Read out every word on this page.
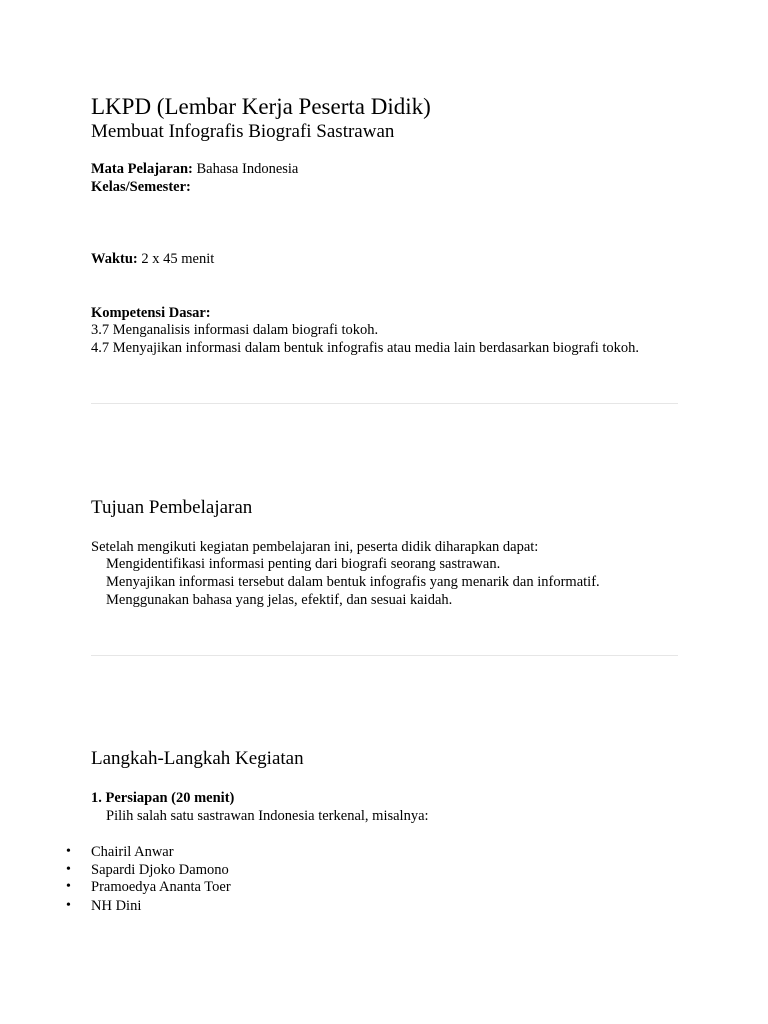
LKPD (Lembar Kerja Peserta Didik)
Membuat Infografis Biografi Sastrawan
Mata Pelajaran: Bahasa Indonesia
Kelas/Semester:
Waktu: 2 x 45 menit
Kompetensi Dasar:
3.7 Menganalisis informasi dalam biografi tokoh.
4.7 Menyajikan informasi dalam bentuk infografis atau media lain berdasarkan biografi tokoh.
Tujuan Pembelajaran
Setelah mengikuti kegiatan pembelajaran ini, peserta didik diharapkan dapat:
Mengidentifikasi informasi penting dari biografi seorang sastrawan.
Menyajikan informasi tersebut dalam bentuk infografis yang menarik dan informatif.
Menggunakan bahasa yang jelas, efektif, dan sesuai kaidah.
Langkah-Langkah Kegiatan
1. Persiapan (20 menit)
Pilih salah satu sastrawan Indonesia terkenal, misalnya:
• Chairil Anwar
• Sapardi Djoko Damono
• Pramoedya Ananta Toer
• NH Dini
